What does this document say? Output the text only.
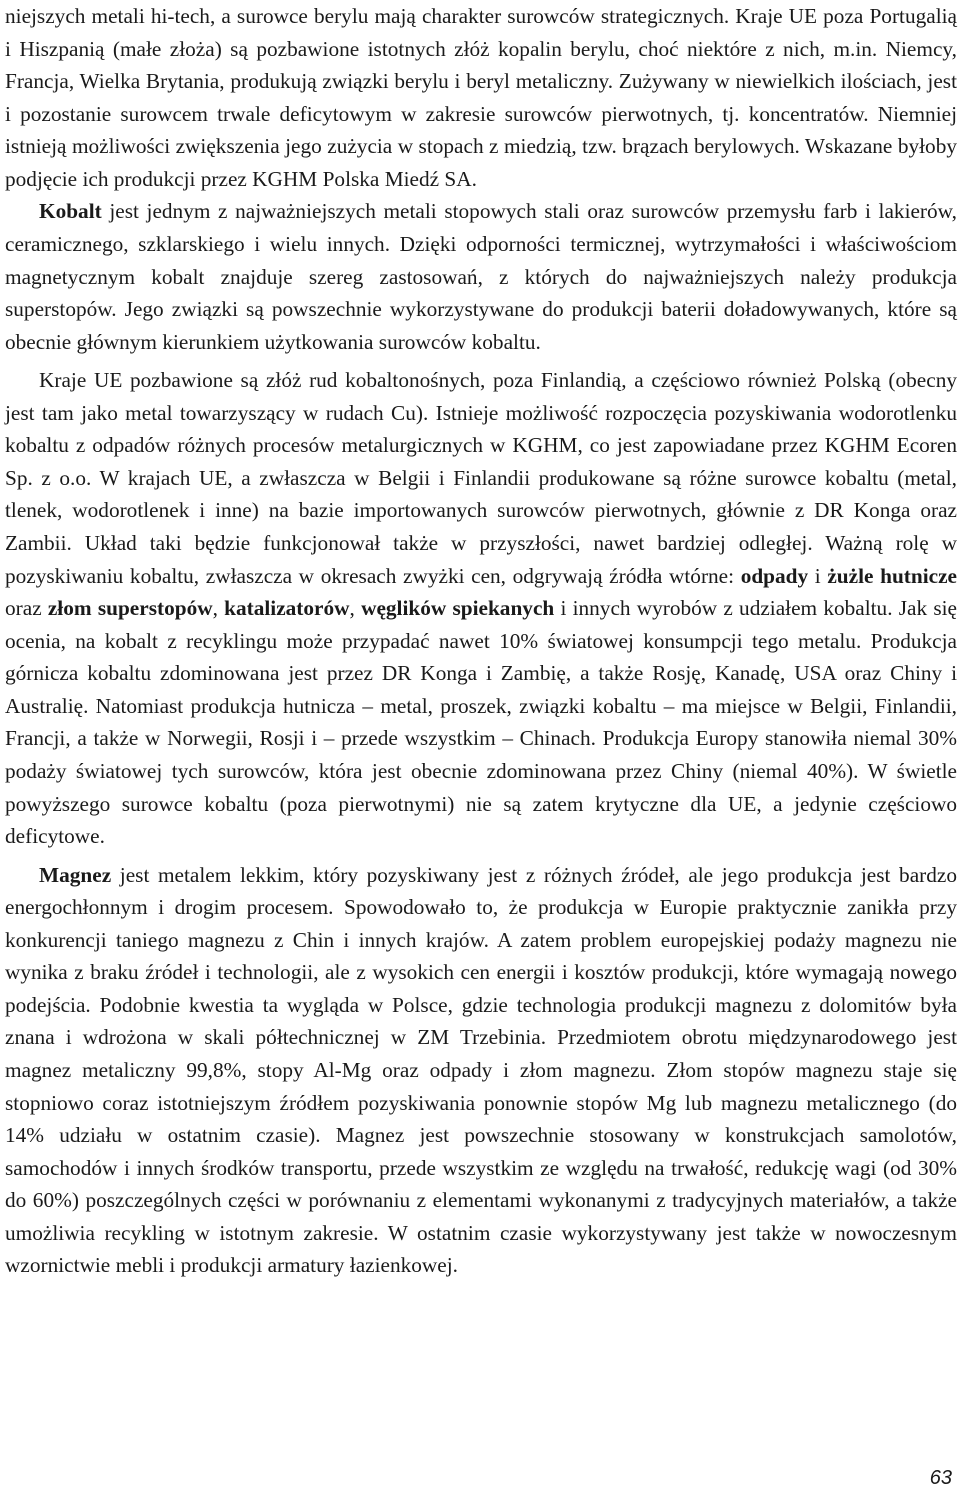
niejszych metali hi-tech, a surowce berylu mają charakter surowców strategicznych. Kraje UE poza Portugalią i Hiszpanią (małe złoża) są pozbawione istotnych złóż kopalin berylu, choć niektóre z nich, m.in. Niemcy, Francja, Wielka Brytania, produkują związki berylu i beryl metaliczny. Zużywany w niewielkich ilościach, jest i pozostanie surowcem trwale deficytowym w zakresie surowców pierwotnych, tj. koncentratów. Niemniej istnieją możliwości zwiększenia jego zużycia w stopach z miedzią, tzw. brązach berylowych. Wskazane byłoby podjęcie ich produkcji przez KGHM Polska Miedź SA.

Kobalt jest jednym z najważniejszych metali stopowych stali oraz surowców przemysłu farb i lakierów, ceramicznego, szklarskiego i wielu innych. Dzięki odporności termicznej, wytrzymałości i właściwościom magnetycznym kobalt znajduje szereg zastosowań, z których do najważniejszych należy produkcja superstopów. Jego związki są powszechnie wykorzystywane do produkcji baterii doładowywanych, które są obecnie głównym kierunkiem użytkowania surowców kobaltu.

Kraje UE pozbawione są złóż rud kobaltonośnych, poza Finlandią, a częściowo również Polską (obecny jest tam jako metal towarzyszący w rudach Cu). Istnieje możliwość rozpoczęcia pozyskiwania wodorotlenku kobaltu z odpadów różnych procesów metalurgicznych w KGHM, co jest zapowiadane przez KGHM Ecoren Sp. z o.o. W krajach UE, a zwłaszcza w Belgii i Finlandii produkowane są różne surowce kobaltu (metal, tlenek, wodorotlenek i inne) na bazie importowanych surowców pierwotnych, głównie z DR Konga oraz Zambii. Układ taki będzie funkcjonował także w przyszłości, nawet bardziej odległej. Ważną rolę w pozyskiwaniu kobaltu, zwłaszcza w okresach zwyżki cen, odgrywają źródła wtórne: odpady i żużle hutnicze oraz złom superstopów, katalizatorów, węglików spiekanych i innych wyrobów z udziałem kobaltu. Jak się ocenia, na kobalt z recyklingu może przypadać nawet 10% światowej konsumpcji tego metalu. Produkcja górnicza kobaltu zdominowana jest przez DR Konga i Zambię, a także Rosję, Kanadę, USA oraz Chiny i Australię. Natomiast produkcja hutnicza – metal, proszek, związki kobaltu – ma miejsce w Belgii, Finlandii, Francji, a także w Norwegii, Rosji i – przede wszystkim – Chinach. Produkcja Europy stanowiła niemal 30% podaży światowej tych surowców, która jest obecnie zdominowana przez Chiny (niemal 40%). W świetle powyższego surowce kobaltu (poza pierwotnymi) nie są zatem krytyczne dla UE, a jedynie częściowo deficytowe.

Magnez jest metalem lekkim, który pozyskiwany jest z różnych źródeł, ale jego produkcja jest bardzo energochłonnym i drogim procesem. Spowodowało to, że produkcja w Europie praktycznie zanikła przy konkurencji taniego magnezu z Chin i innych krajów. A zatem problem europejskiej podaży magnezu nie wynika z braku źródeł i technologii, ale z wysokich cen energii i kosztów produkcji, które wymagają nowego podejścia. Podobnie kwestia ta wygląda w Polsce, gdzie technologia produkcji magnezu z dolomitów była znana i wdrożona w skali półtechnicznej w ZM Trzebinia. Przedmiotem obrotu międzynarodowego jest magnez metaliczny 99,8%, stopy Al-Mg oraz odpady i złom magnezu. Złom stopów magnezu staje się stopniowo coraz istotniejszym źródłem pozyskiwania ponownie stopów Mg lub magnezu metalicznego (do 14% udziału w ostatnim czasie). Magnez jest powszechnie stosowany w konstrukcjach samolotów, samochodów i innych środków transportu, przede wszystkim ze względu na trwałość, redukcję wagi (od 30% do 60%) poszczególnych części w porównaniu z elementami wykonanymi z tradycyjnych materiałów, a także umożliwia recykling w istotnym zakresie. W ostatnim czasie wykorzystywany jest także w nowoczesnym wzornictwie mebli i produkcji armatury łazienkowej.

63
